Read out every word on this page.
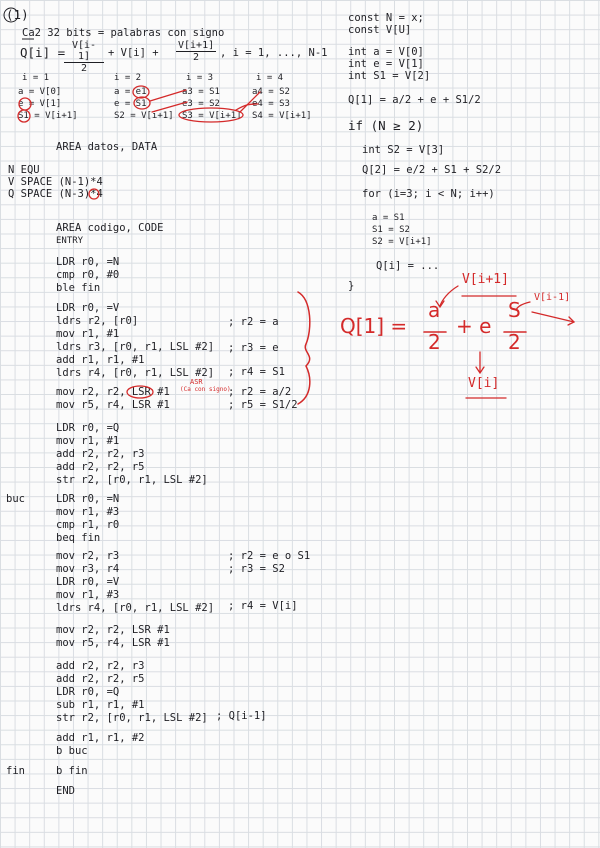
(1)
Ca2 32 bits = palabras con signo
Q[i] =
$\frac{V[i-1]}{2} + V[i] + \frac{V[i+1]}{2}$ , i = 1, ..., N-1
i = 1
a = V[0]
e = V[1]
S1 = V[i+1]
i = 2
a = e1
e = S1
S2 = V[i+1]
i = 3
a3 = S1
e3 = S2
S3 = V[i+1]
i = 4
a4 = S2
e4 = S3
S4 = V[i+1]
AREA datos, DATA
N EQU
V SPACE (N-1)*4
Q SPACE (N-3)*4
const N = x;
const V[U]
int a = V[0]
int e = V[1]
int S1 = V[2]
Q[1] = a/2 + e + S1/2
if (N ≥ 2)
int S2 = V[3]
Q[2] = e/2 + S1 + S2/2
for (i=3; i < N; i++)
a = S1
S1 = S2
S2 = V[i+1]
Q[i] = ...
}
AREA codigo, CODE
ENTRY
LDR r0, =N
cmp r0, #0
ble fin
LDR r0, =V
ldrs r2, [r0]
mov r1, #1
ldrs r3, [r0, r1, LSL #2]
add r1, r1, #1
ldrs r4, [r0, r1, LSL #2]
; r2 = a
; r3 = e
; r4 = S1
mov r2, r2, LSR #1
mov r5, r4, LSR #1
; r2 = a/2
; r5 = S1/2
ASR
(Ca con signo)
LDR r0, =Q
mov r1, #1
add r2, r2, r3
add r2, r2, r5
str r2, [r0, r1, LSL #2]
buc	LDR r0, =N
mov r1, #3
cmp r1, r0
beq fin
mov r2, r3
mov r3, r4
LDR r0, =V
mov r1, #3
ldrs r4, [r0, r1, LSL #2]
; r2 = e o S1
; r3 = S2
; r4 = V[i]
mov r2, r2, LSR #1
mov r5, r4, LSR #1
add r2, r2, r3
add r2, r2, r5
LDR r0, =Q
sub r1, r1, #1
str r2, [r0, r1, LSL #2] ; Q[i-1]
add r1, r1, #2
b buc
fin	b fin
END
Q[1] =
a
2
+ e
S
2
V[i+1]
V[i-1]
V[i]
